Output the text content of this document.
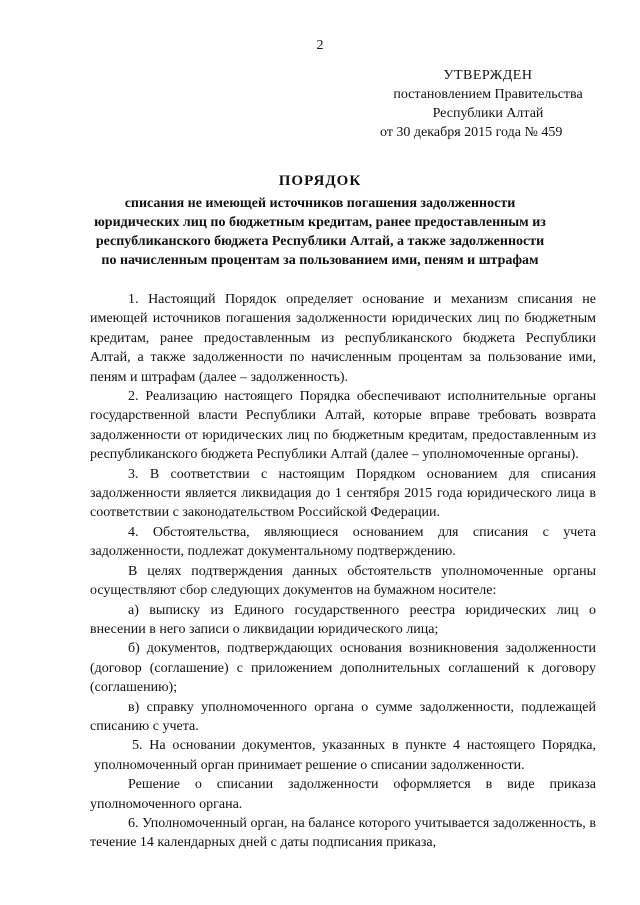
2
УТВЕРЖДЕН
постановлением Правительства
Республики Алтай
от 30 декабря 2015 года № 459
ПОРЯДОК
списания не имеющей источников погашения задолженности юридических лиц по бюджетным кредитам, ранее предоставленным из республиканского бюджета Республики Алтай, а также задолженности по начисленным процентам за пользованием ими, пеням и штрафам

1. Настоящий Порядок определяет основание и механизм списания не имеющей источников погашения задолженности юридических лиц по бюджетным кредитам, ранее предоставленным из республиканского бюджета Республики Алтай, а также задолженности по начисленным процентам за пользование ими, пеням и штрафам (далее – задолженность).

2. Реализацию настоящего Порядка обеспечивают исполнительные органы государственной власти Республики Алтай, которые вправе требовать возврата задолженности от юридических лиц по бюджетным кредитам, предоставленным из республиканского бюджета Республики Алтай (далее – уполномоченные органы).

3. В соответствии с настоящим Порядком основанием для списания задолженности является ликвидация до 1 сентября 2015 года юридического лица в соответствии с законодательством Российской Федерации.

4. Обстоятельства, являющиеся основанием для списания с учета задолженности, подлежат документальному подтверждению.

В целях подтверждения данных обстоятельств уполномоченные органы осуществляют сбор следующих документов на бумажном носителе:

а) выписку из Единого государственного реестра юридических лиц о внесении в него записи о ликвидации юридического лица;

б) документов, подтверждающих основания возникновения задолженности (договор (соглашение) с приложением дополнительных соглашений к договору (соглашению);

в) справку уполномоченного органа о сумме задолженности, подлежащей списанию с учета.

5. На основании документов, указанных в пункте 4 настоящего Порядка, уполномоченный орган принимает решение о списании задолженности.

Решение о списании задолженности оформляется в виде приказа уполномоченного органа.

6. Уполномоченный орган, на балансе которого учитывается задолженность, в течение 14 календарных дней с даты подписания приказа,
